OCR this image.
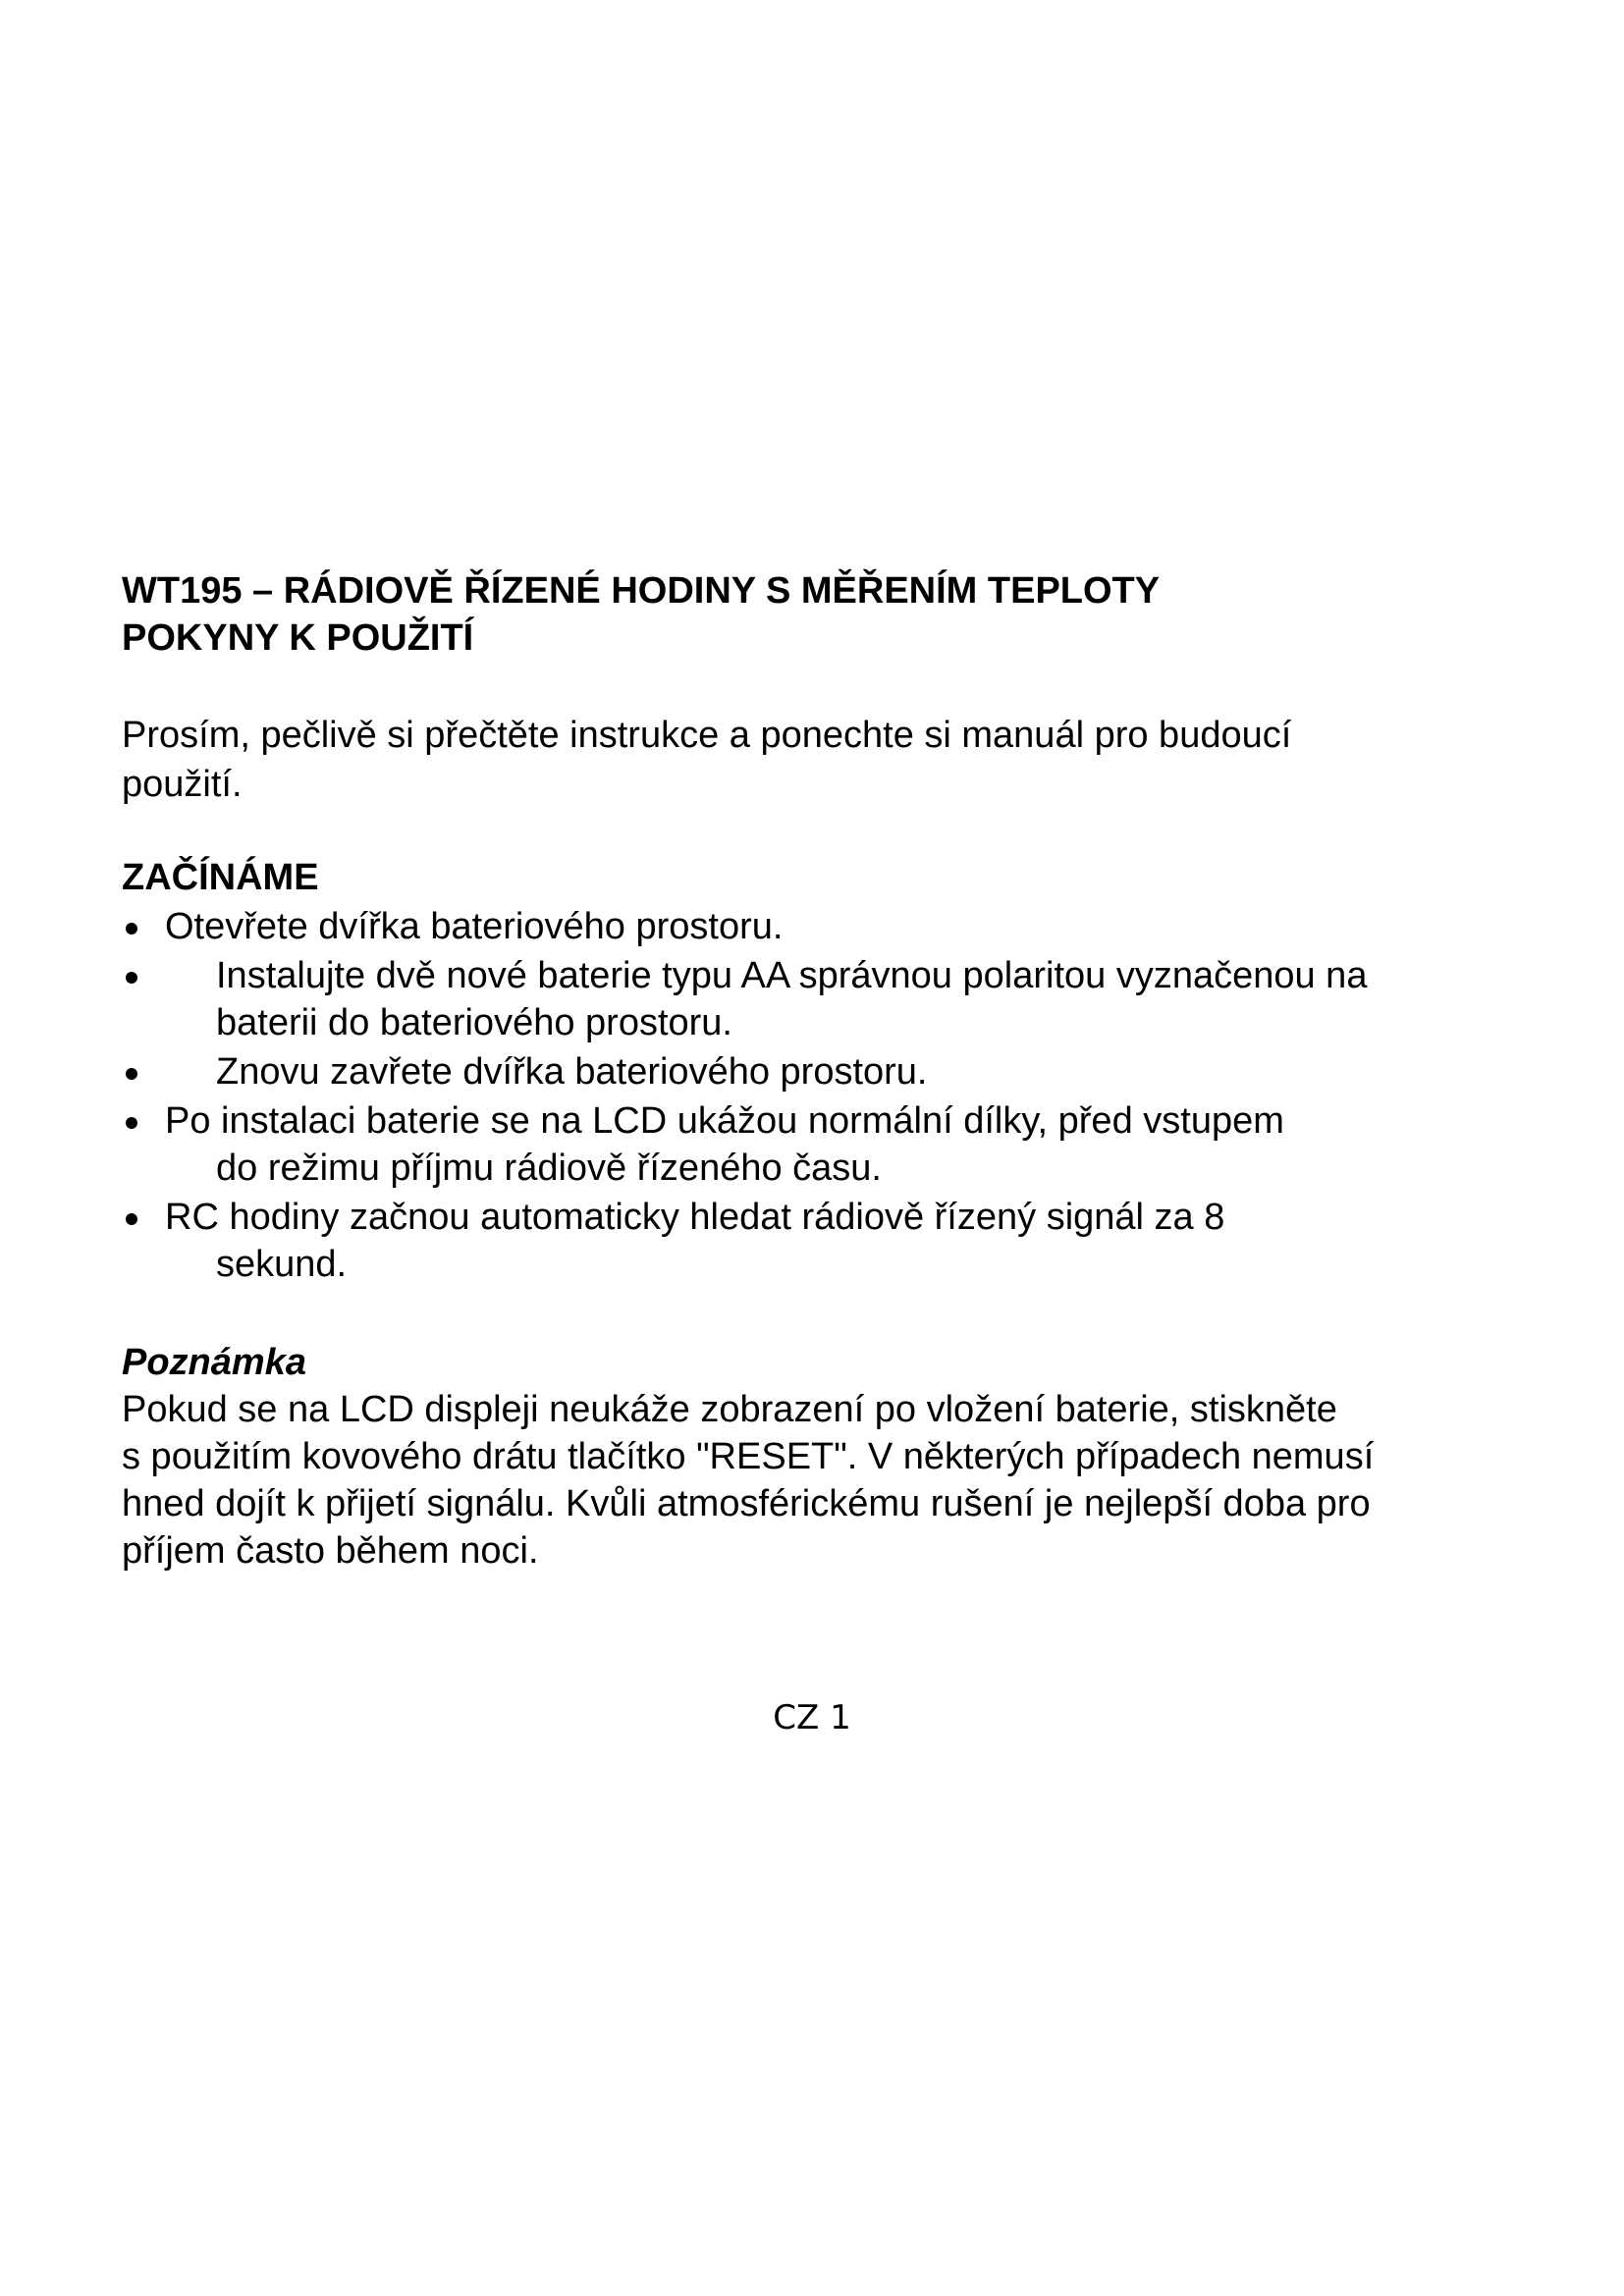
WT195 – RÁDIOVĚ ŘÍZENÉ HODINY S MĚŘENÍM TEPLOTY
POKYNY K POUŽITÍ

Prosím, pečlivě si přečtěte instrukce a ponechte si manuál pro budoucí
použití.

ZAČÍNÁME
Otevřete dvířka bateriového prostoru.
Instalujte dvě nové baterie typu AA správnou polaritou vyznačenou na
baterii do bateriového prostoru.
Znovu zavřete dvířka bateriového prostoru.
Po instalaci baterie se na LCD ukážou normální dílky, před vstupem
do režimu příjmu rádiově řízeného času.
RC hodiny začnou automaticky hledat rádiově řízený signál za 8
sekund.
Poznámka

Pokud se na LCD displeji neukáže zobrazení po vložení baterie, stiskněte
s použitím kovového drátu tlačítko "RESET". V některých případech nemusí
hned dojít k přijetí signálu. Kvůli atmosférickému rušení je nejlepší doba pro
příjem často během noci.

CZ 1
